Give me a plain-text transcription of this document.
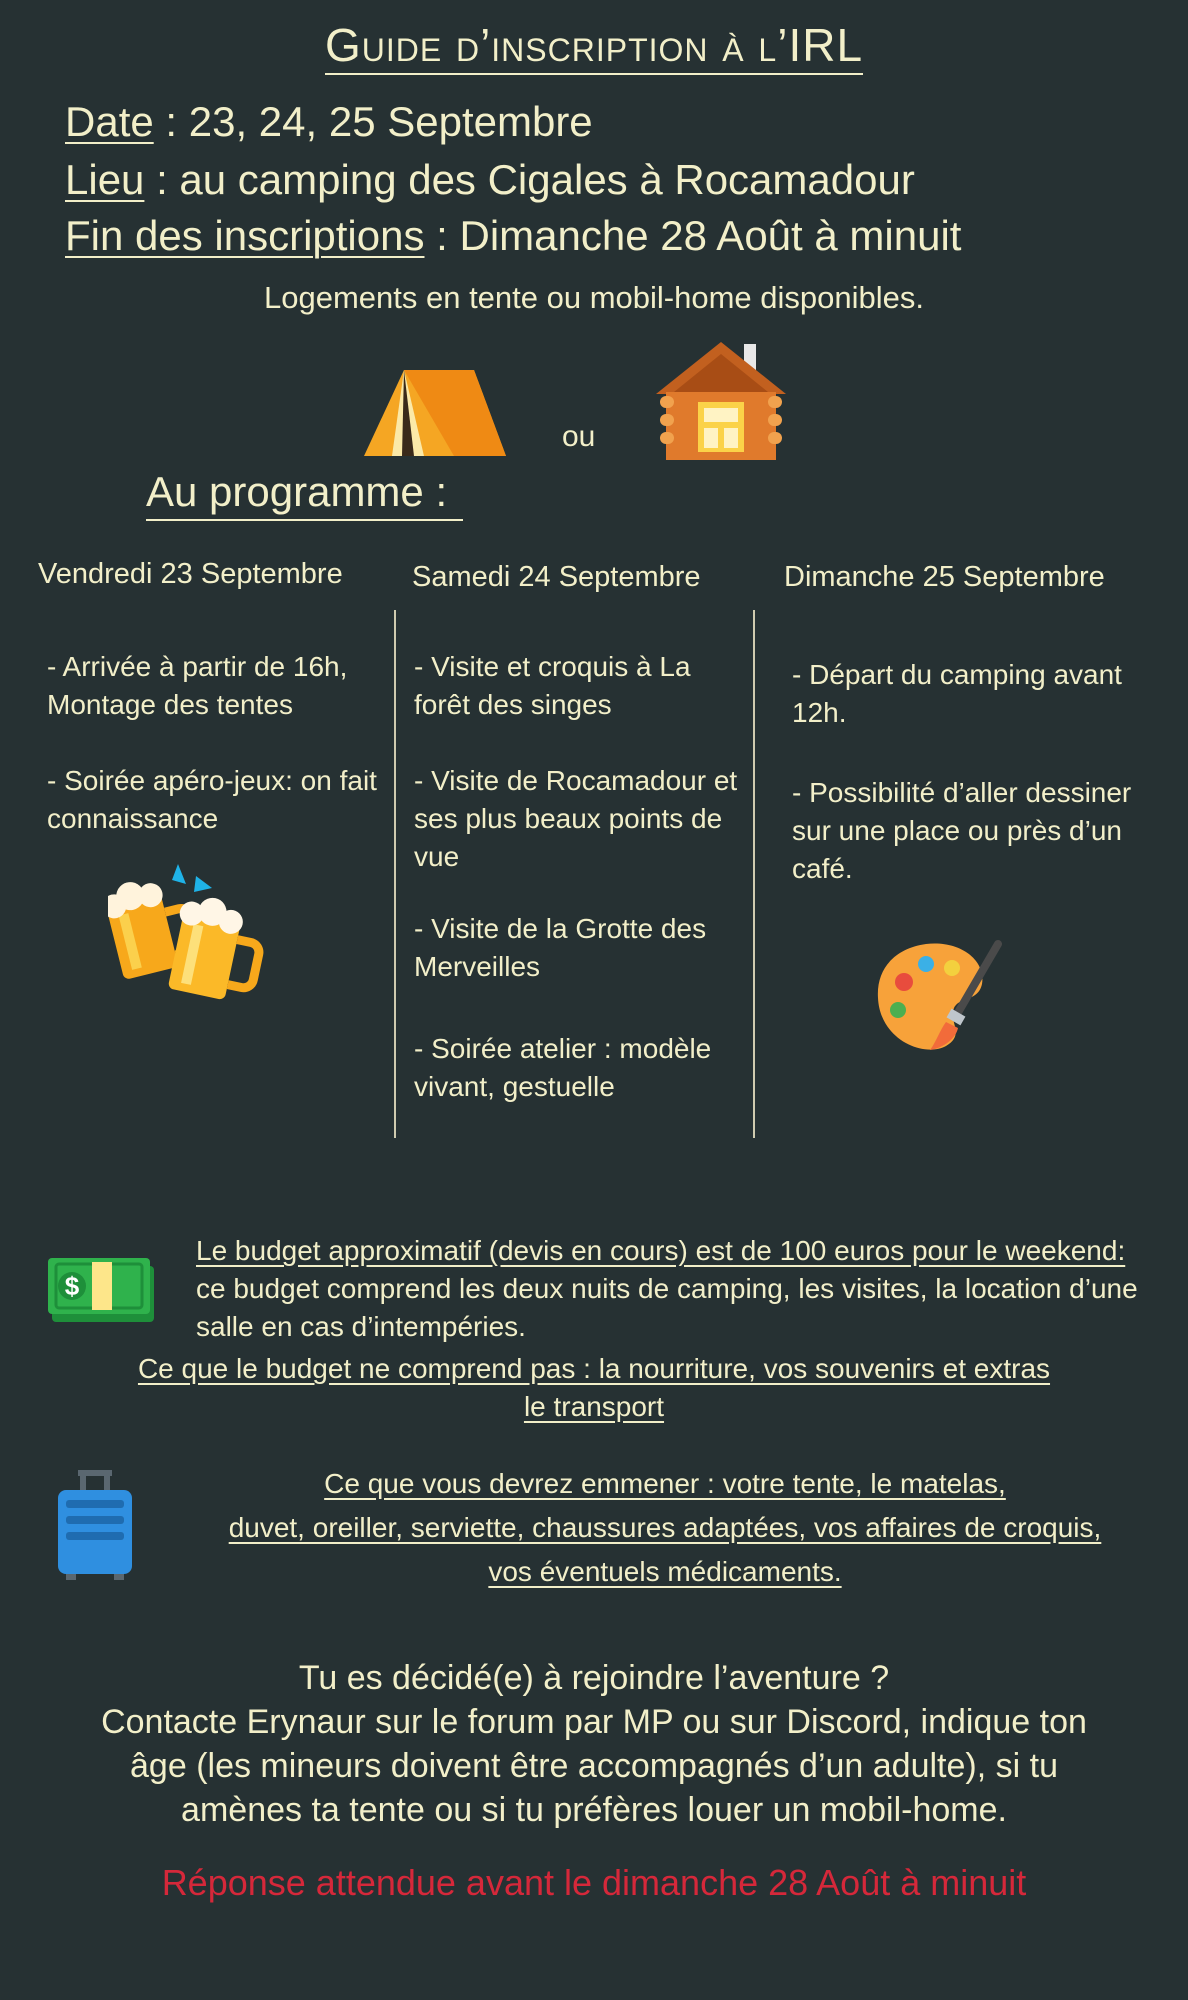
Guide d’inscription à l’IRL
Date : 23, 24, 25 Septembre
Lieu : au camping des Cigales à Rocamadour
Fin des inscriptions : Dimanche 28 Août à minuit
Logements en tente ou mobil-home disponibles.
ou
Au programme :
Vendredi 23 Septembre Samedi 24 Septembre	Dimanche 25 Septembre

- Arrivée à partir de 16h, Montage des tentes

- Soirée apéro-jeux: on fait connaissance

- Visite et croquis à La forêt des singes

- Visite de Rocamadour et ses plus beaux points de vue

- Visite de la Grotte des Merveilles

- Soirée atelier : modèle vivant, gestuelle

- Départ du camping avant 12h.

- Possibilité d’aller dessiner sur une place ou près d’un café.

$
Le budget approximatif (devis en cours) est de 100 euros pour le weekend: ce budget comprend les deux nuits de camping, les visites, la location d’une salle en cas d’intempéries.
Ce que le budget ne comprend pas : la nourriture, vos souvenirs et extras
le transport
Ce que vous devrez emmener : votre tente, le matelas,
duvet, oreiller, serviette, chaussures adaptées, vos affaires de croquis,
vos éventuels médicaments.
Tu es décidé(e) à rejoindre l’aventure ?
Contacte Erynaur sur le forum par MP ou sur Discord, indique ton
âge (les mineurs doivent être accompagnés d’un adulte), si tu
amènes ta tente ou si tu préfères louer un mobil-home.
Réponse attendue avant le dimanche 28 Août à minuit
